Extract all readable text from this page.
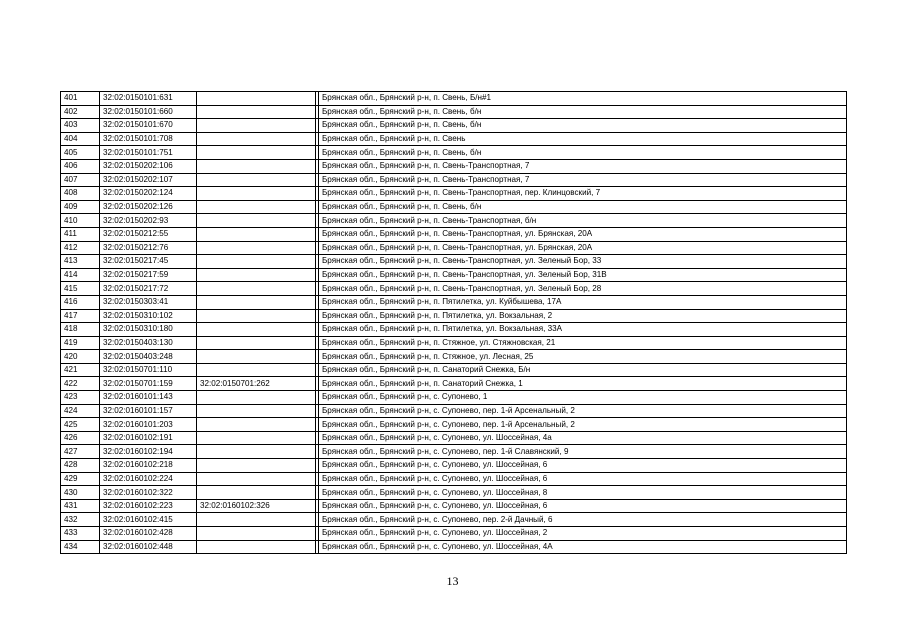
401	32:02:0150101:631			Брянская обл., Брянский р-н, п. Свень, Б/н#1
402	32:02:0150101:660			Брянская обл., Брянский р-н, п. Свень, б/н
403	32:02:0150101:670			Брянская обл., Брянский р-н, п. Свень, б/н
404	32:02:0150101:708			Брянская обл., Брянский р-н, п. Свень
405	32:02:0150101:751			Брянская обл., Брянский р-н, п. Свень, б/н
406	32:02:0150202:106			Брянская обл., Брянский р-н, п. Свень-Транспортная, 7
407	32:02:0150202:107			Брянская обл., Брянский р-н, п. Свень-Транспортная, 7
408	32:02:0150202:124			Брянская обл., Брянский р-н, п. Свень-Транспортная, пер. Клинцовский, 7
409	32:02:0150202:126			Брянская обл., Брянский р-н, п. Свень, б/н
410	32:02:0150202:93			Брянская обл., Брянский р-н, п. Свень-Транспортная, б/н
411	32:02:0150212:55			Брянская обл., Брянский р-н, п. Свень-Транспортная, ул. Брянская, 20А
412	32:02:0150212:76			Брянская обл., Брянский р-н, п. Свень-Транспортная, ул. Брянская, 20А
413	32:02:0150217:45			Брянская обл., Брянский р-н, п. Свень-Транспортная, ул. Зеленый Бор, 33
414	32:02:0150217:59			Брянская обл., Брянский р-н, п. Свень-Транспортная, ул. Зеленый Бор, 31В
415	32:02:0150217:72			Брянская обл., Брянский р-н, п. Свень-Транспортная, ул. Зеленый Бор, 28
416	32:02:0150303:41			Брянская обл., Брянский р-н, п. Пятилетка, ул. Куйбышева, 17А
417	32:02:0150310:102			Брянская обл., Брянский р-н, п. Пятилетка, ул. Вокзальная, 2
418	32:02:0150310:180			Брянская обл., Брянский р-н, п. Пятилетка, ул. Вокзальная, 33А
419	32:02:0150403:130			Брянская обл., Брянский р-н, п. Стяжное, ул. Стяжновская, 21
420	32:02:0150403:248			Брянская обл., Брянский р-н, п. Стяжное, ул. Лесная, 25
421	32:02:0150701:110			Брянская обл., Брянский р-н, п. Санаторий Снежка, Б/н
422	32:02:0150701:159	32:02:0150701:262		Брянская обл., Брянский р-н, п. Санаторий Снежка, 1
423	32:02:0160101:143			Брянская обл., Брянский р-н, с. Супонево, 1
424	32:02:0160101:157			Брянская обл., Брянский р-н, с. Супонево, пер. 1-й Арсенальный, 2
425	32:02:0160101:203			Брянская обл., Брянский р-н, с. Супонево, пер. 1-й Арсенальный, 2
426	32:02:0160102:191			Брянская обл., Брянский р-н, с. Супонево, ул. Шоссейная, 4а
427	32:02:0160102:194			Брянская обл., Брянский р-н, с. Супонево, пер. 1-й Славянский, 9
428	32:02:0160102:218			Брянская обл., Брянский р-н, с. Супонево, ул. Шоссейная, 6
429	32:02:0160102:224			Брянская обл., Брянский р-н, с. Супонево, ул. Шоссейная, 6
430	32:02:0160102:322			Брянская обл., Брянский р-н, с. Супонево, ул. Шоссейная, 8
431	32:02:0160102:223	32:02:0160102:326		Брянская обл., Брянский р-н, с. Супонево, ул. Шоссейная, 6
432	32:02:0160102:415			Брянская обл., Брянский р-н, с. Супонево, пер. 2-й Дачный, 6
433	32:02:0160102:428			Брянская обл., Брянский р-н, с. Супонево, ул. Шоссейная, 2
434	32:02:0160102:448			Брянская обл., Брянский р-н, с. Супонево, ул. Шоссейная, 4А
13
